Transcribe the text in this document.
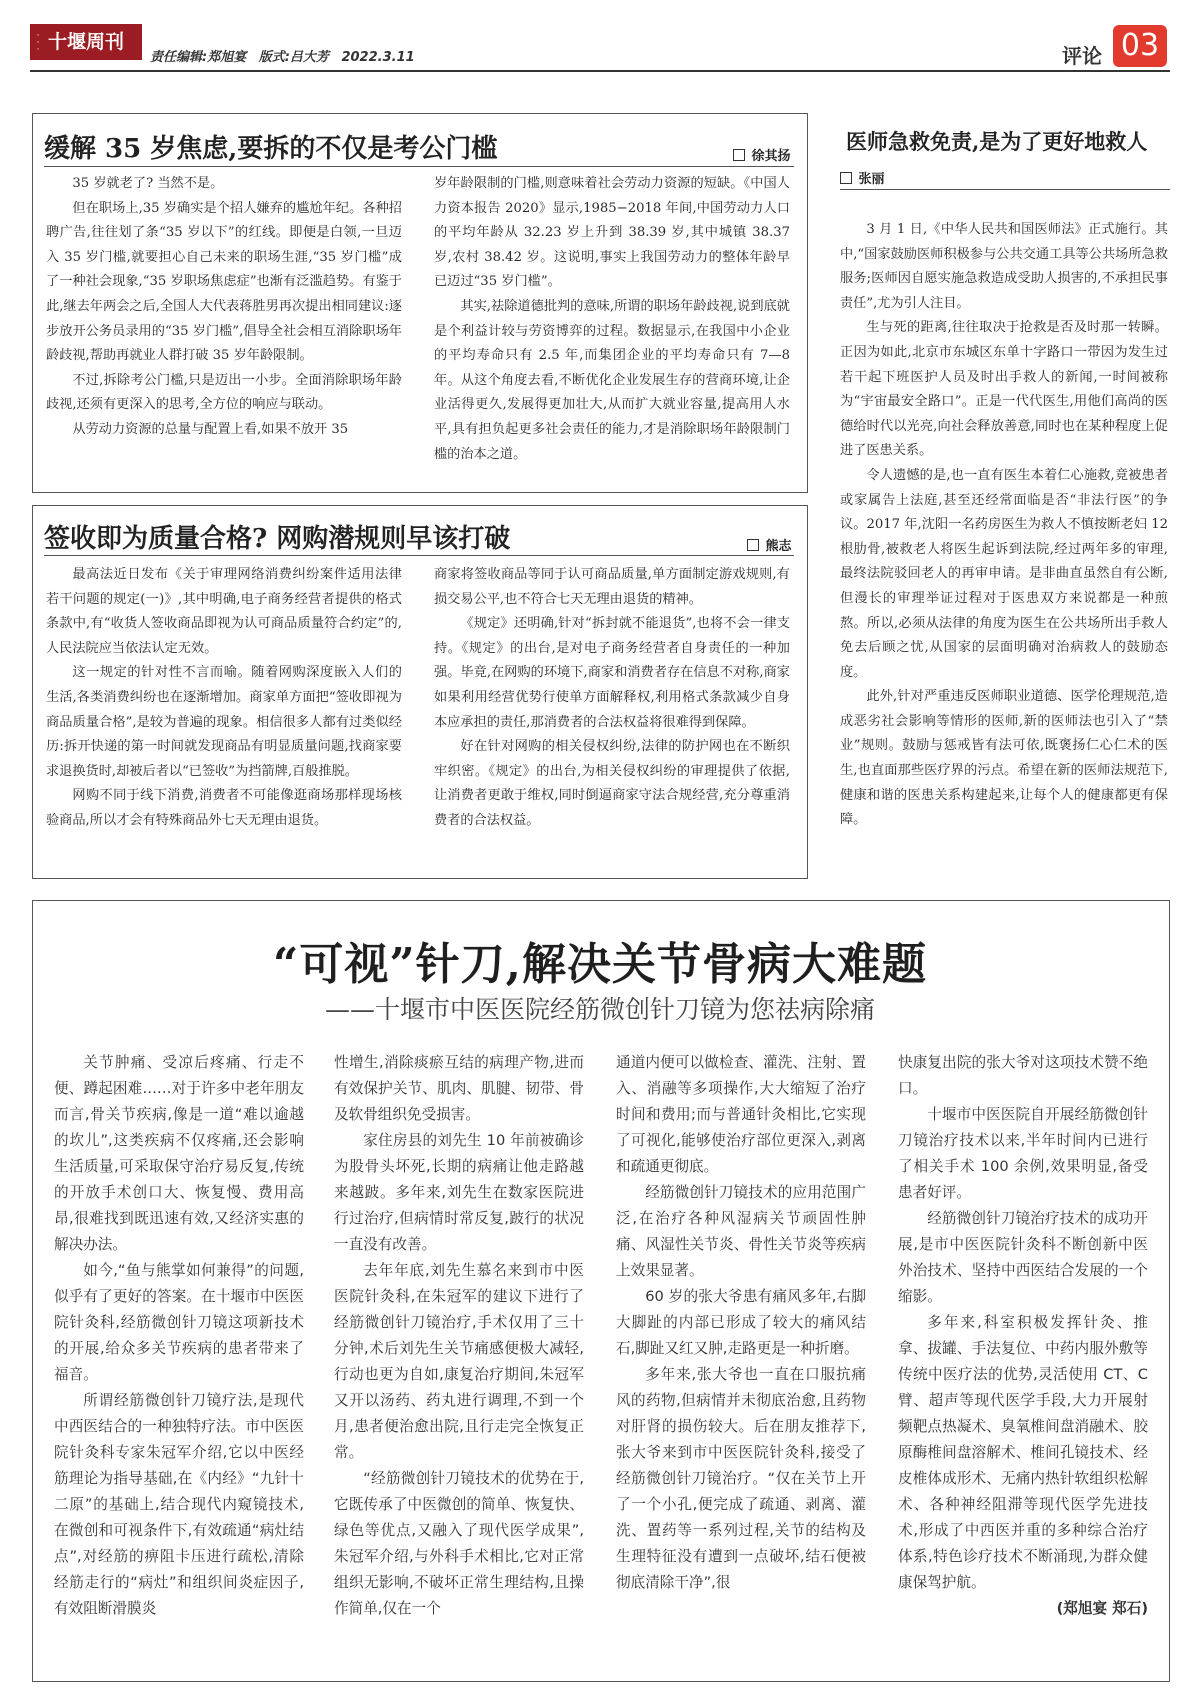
·
·
· 十堰周刊
责任编辑:郑旭宴 版式:吕大芳 2022.3.11	评论 03
缓解 35 岁焦虑,要拆的不仅是考公门槛	徐其扬

35 岁就老了? 当然不是。

但在职场上,35 岁确实是个招人嫌弃的尴尬年纪。各种招聘广告,往往划了条“35 岁以下”的红线。即便是白领,一旦迈入 35 岁门槛,就要担心自己未来的职场生涯,“35 岁门槛”成了一种社会现象,“35 岁职场焦虑症”也渐有泛滥趋势。有鉴于此,继去年两会之后,全国人大代表蒋胜男再次提出相同建议:逐步放开公务员录用的“35 岁门槛”,倡导全社会相互消除职场年龄歧视,帮助再就业人群打破 35 岁年龄限制。

不过,拆除考公门槛,只是迈出一小步。全面消除职场年龄歧视,还须有更深入的思考,全方位的响应与联动。

从劳动力资源的总量与配置上看,如果不放开 35

岁年龄限制的门槛,则意味着社会劳动力资源的短缺。《中国人力资本报告 2020》显示,1985−2018 年间,中国劳动力人口的平均年龄从 32.23 岁上升到 38.39 岁,其中城镇 38.37 岁,农村 38.42 岁。这说明,事实上我国劳动力的整体年龄早已迈过“35 岁门槛”。

其实,祛除道德批判的意味,所谓的职场年龄歧视,说到底就是个利益计较与劳资博弈的过程。数据显示,在我国中小企业的平均寿命只有 2.5 年,而集团企业的平均寿命只有 7—8 年。从这个角度去看,不断优化企业发展生存的营商环境,让企业活得更久,发展得更加壮大,从而扩大就业容量,提高用人水平,具有担负起更多社会责任的能力,才是消除职场年龄限制门槛的治本之道。

签收即为质量合格? 网购潜规则早该打破	熊志

最高法近日发布《关于审理网络消费纠纷案件适用法律若干问题的规定(一)》,其中明确,电子商务经营者提供的格式条款中,有“收货人签收商品即视为认可商品质量符合约定”的,人民法院应当依法认定无效。

这一规定的针对性不言而喻。随着网购深度嵌入人们的生活,各类消费纠纷也在逐渐增加。商家单方面把“签收即视为商品质量合格”,是较为普遍的现象。相信很多人都有过类似经历:拆开快递的第一时间就发现商品有明显质量问题,找商家要求退换货时,却被后者以“已签收”为挡箭牌,百般推脱。

网购不同于线下消费,消费者不可能像逛商场那样现场核验商品,所以才会有特殊商品外七天无理由退货。

商家将签收商品等同于认可商品质量,单方面制定游戏规则,有损交易公平,也不符合七天无理由退货的精神。

《规定》还明确,针对“拆封就不能退货”,也将不会一律支持。《规定》的出台,是对电子商务经营者自身责任的一种加强。毕竟,在网购的环境下,商家和消费者存在信息不对称,商家如果利用经营优势行使单方面解释权,利用格式条款减少自身本应承担的责任,那消费者的合法权益将很难得到保障。

好在针对网购的相关侵权纠纷,法律的防护网也在不断织牢织密。《规定》的出台,为相关侵权纠纷的审理提供了依据,让消费者更敢于维权,同时倒逼商家守法合规经营,充分尊重消费者的合法权益。

医师急救免责,是为了更好地救人
张丽

3 月 1 日,《中华人民共和国医师法》正式施行。其中,“国家鼓励医师积极参与公共交通工具等公共场所急救服务;医师因自愿实施急救造成受助人损害的,不承担民事责任”,尤为引人注目。

生与死的距离,往往取决于抢救是否及时那一转瞬。正因为如此,北京市东城区东单十字路口一带因为发生过若干起下班医护人员及时出手救人的新闻,一时间被称为“宇宙最安全路口”。正是一代代医生,用他们高尚的医德给时代以光亮,向社会释放善意,同时也在某种程度上促进了医患关系。

令人遗憾的是,也一直有医生本着仁心施救,竟被患者或家属告上法庭,甚至还经常面临是否“非法行医”的争议。2017 年,沈阳一名药房医生为救人不慎按断老妇 12 根肋骨,被救老人将医生起诉到法院,经过两年多的审理,最终法院驳回老人的再审申请。是非曲直虽然自有公断,但漫长的审理举证过程对于医患双方来说都是一种煎熬。所以,必须从法律的角度为医生在公共场所出手救人免去后顾之忧,从国家的层面明确对治病救人的鼓励态度。

此外,针对严重违反医师职业道德、医学伦理规范,造成恶劣社会影响等情形的医师,新的医师法也引入了“禁业”规则。鼓励与惩戒皆有法可依,既褒扬仁心仁术的医生,也直面那些医疗界的污点。希望在新的医师法规范下,健康和谐的医患关系构建起来,让每个人的健康都更有保障。

“可视”针刀,解决关节骨病大难题
——十堰市中医医院经筋微创针刀镜为您祛病除痛

关节肿痛、受凉后疼痛、行走不便、蹲起困难……对于许多中老年朋友而言,骨关节疾病,像是一道“难以逾越的坎儿”,这类疾病不仅疼痛,还会影响生活质量,可采取保守治疗易反复,传统的开放手术创口大、恢复慢、费用高昂,很难找到既迅速有效,又经济实惠的解决办法。

如今,“鱼与熊掌如何兼得”的问题,似乎有了更好的答案。在十堰市中医医院针灸科,经筋微创针刀镜这项新技术的开展,给众多关节疾病的患者带来了福音。

所谓经筋微创针刀镜疗法,是现代中西医结合的一种独特疗法。市中医医院针灸科专家朱冠军介绍,它以中医经筋理论为指导基础,在《内经》“九针十二原”的基础上,结合现代内窥镜技术,在微创和可视条件下,有效疏通“病灶结点”,对经筋的痹阻卡压进行疏松,清除经筋走行的“病灶”和组织间炎症因子,有效阻断滑膜炎

性增生,消除痰瘀互结的病理产物,进而有效保护关节、肌肉、肌腱、韧带、骨及软骨组织免受损害。

家住房县的刘先生 10 年前被确诊为股骨头坏死,长期的病痛让他走路越来越跛。多年来,刘先生在数家医院进行过治疗,但病情时常反复,跛行的状况一直没有改善。

去年年底,刘先生慕名来到市中医医院针灸科,在朱冠军的建议下进行了经筋微创针刀镜治疗,手术仅用了三十分钟,术后刘先生关节痛感便极大减轻,行动也更为自如,康复治疗期间,朱冠军又开以汤药、药丸进行调理,不到一个月,患者便治愈出院,且行走完全恢复正常。

“经筋微创针刀镜技术的优势在于,它既传承了中医微创的简单、恢复快、绿色等优点,又融入了现代医学成果”,朱冠军介绍,与外科手术相比,它对正常组织无影响,不破坏正常生理结构,且操作简单,仅在一个

通道内便可以做检查、灌洗、注射、置入、消融等多项操作,大大缩短了治疗时间和费用;而与普通针灸相比,它实现了可视化,能够使治疗部位更深入,剥离和疏通更彻底。

经筋微创针刀镜技术的应用范围广泛,在治疗各种风湿病关节顽固性肿痛、风湿性关节炎、骨性关节炎等疾病上效果显著。

60 岁的张大爷患有痛风多年,右脚大脚趾的内部已形成了较大的痛风结石,脚趾又红又肿,走路更是一种折磨。

多年来,张大爷也一直在口服抗痛风的药物,但病情并未彻底治愈,且药物对肝肾的损伤较大。后在朋友推荐下,张大爷来到市中医医院针灸科,接受了经筋微创针刀镜治疗。“仅在关节上开了一个小孔,便完成了疏通、剥离、灌洗、置药等一系列过程,关节的结构及生理特征没有遭到一点破坏,结石便被彻底清除干净”,很

快康复出院的张大爷对这项技术赞不绝口。

十堰市中医医院自开展经筋微创针刀镜治疗技术以来,半年时间内已进行了相关手术 100 余例,效果明显,备受患者好评。

经筋微创针刀镜治疗技术的成功开展,是市中医医院针灸科不断创新中医外治技术、坚持中西医结合发展的一个缩影。

多年来,科室积极发挥针灸、推拿、拔罐、手法复位、中药内服外敷等传统中医疗法的优势,灵活使用 CT、C 臂、超声等现代医学手段,大力开展射频靶点热凝术、臭氧椎间盘消融术、胶原酶椎间盘溶解术、椎间孔镜技术、经皮椎体成形术、无痛内热针软组织松解术、各种神经阻滞等现代医学先进技术,形成了中西医并重的多种综合治疗体系,特色诊疗技术不断涌现,为群众健康保驾护航。

(郑旭宴 郑石)
